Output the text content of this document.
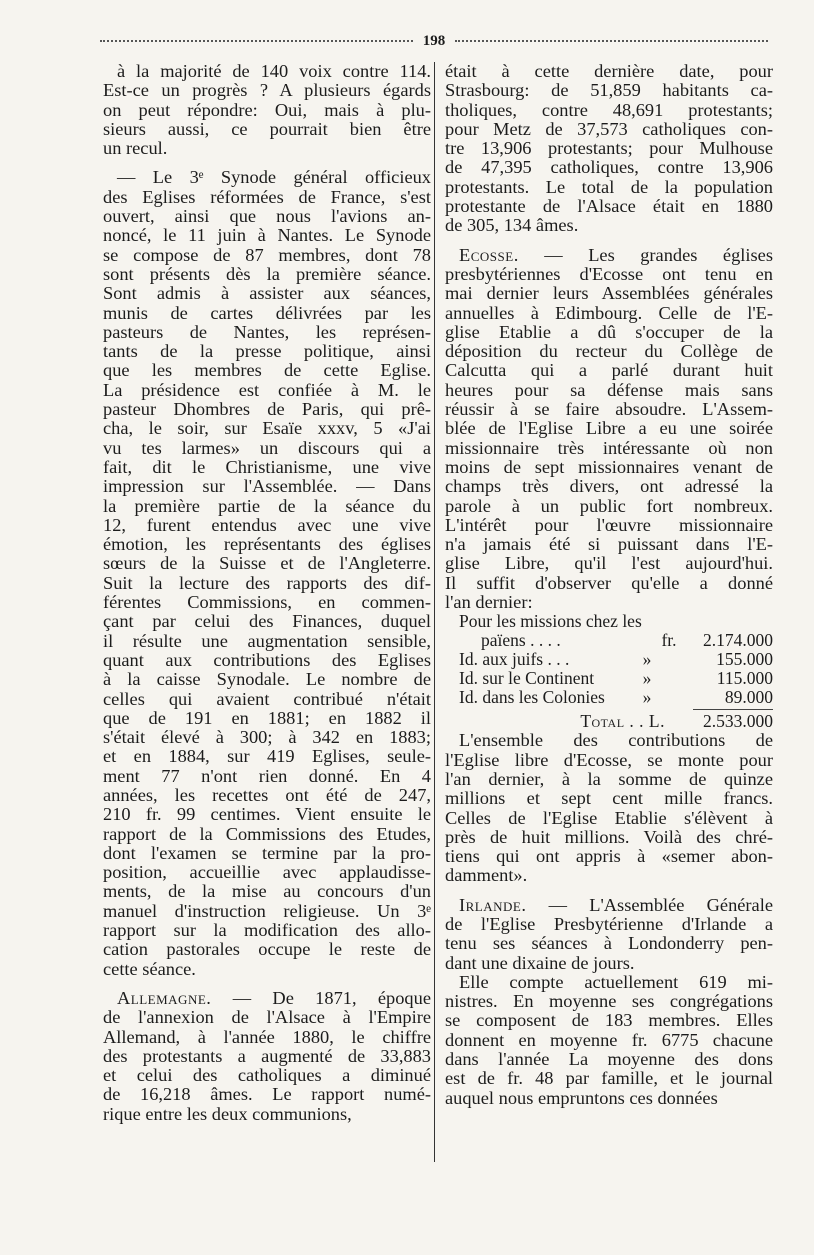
198
à la majorité de 140 voix contre 114.
Est-ce un progrès ? A plusieurs égards
on peut répondre: Oui, mais à plu-
sieurs aussi, ce pourrait bien être
un recul.
— Le 3ᵉ Synode général officieux
des Eglises réformées de France, s'est
ouvert, ainsi que nous l'avions an-
noncé, le 11 juin à Nantes. Le Synode
se compose de 87 membres, dont 78
sont présents dès la première séance.
Sont admis à assister aux séances,
munis de cartes délivrées par les
pasteurs de Nantes, les représen-
tants de la presse politique, ainsi
que les membres de cette Eglise.
La présidence est confiée à M. le
pasteur Dhombres de Paris, qui prê-
cha, le soir, sur Esaïe xxxv, 5 «J'ai
vu tes larmes» un discours qui a
fait, dit le Christianisme, une vive
impression sur l'Assemblée. — Dans
la première partie de la séance du
12, furent entendus avec une vive
émotion, les représentants des églises
sœurs de la Suisse et de l'Angleterre.
Suit la lecture des rapports des dif-
férentes Commissions, en commen-
çant par celui des Finances, duquel
il résulte une augmentation sensible,
quant aux contributions des Eglises
à la caisse Synodale. Le nombre de
celles qui avaient contribué n'était
que de 191 en 1881; en 1882 il
s'était élevé à 300; à 342 en 1883;
et en 1884, sur 419 Eglises, seule-
ment 77 n'ont rien donné. En 4
années, les recettes ont été de 247,
210 fr. 99 centimes. Vient ensuite le
rapport de la Commissions des Etudes,
dont l'examen se termine par la pro-
position, accueillie avec applaudisse-
ments, de la mise au concours d'un
manuel d'instruction religieuse. Un 3ᵉ
rapport sur la modification des allo-
cation pastorales occupe le reste de
cette séance.
Allemagne. — De 1871, époque
de l'annexion de l'Alsace à l'Empire
Allemand, à l'année 1880, le chiffre
des protestants a augmenté de 33,883
et celui des catholiques a diminué
de 16,218 âmes. Le rapport numé-
rique entre les deux communions,
était à cette dernière date, pour
Strasbourg: de 51,859 habitants ca-
tholiques, contre 48,691 protestants;
pour Metz de 37,573 catholiques con-
tre 13,906 protestants; pour Mulhouse
de 47,395 catholiques, contre 13,906
protestants. Le total de la population
protestante de l'Alsace était en 1880
de 305, 134 âmes.
Ecosse. — Les grandes églises
presbytériennes d'Ecosse ont tenu en
mai dernier leurs Assemblées générales
annuelles à Edimbourg. Celle de l'E-
glise Etablie a dû s'occuper de la
déposition du recteur du Collège de
Calcutta qui a parlé durant huit
heures pour sa défense mais sans
réussir à se faire absoudre. L'Assem-
blée de l'Eglise Libre a eu une soirée
missionnaire très intéressante où non
moins de sept missionnaires venant de
champs très divers, ont adressé la
parole à un public fort nombreux.
L'intérêt pour l'œuvre missionnaire
n'a jamais été si puissant dans l'E-
glise Libre, qu'il l'est aujourd'hui.
Il suffit d'observer qu'elle a donné
l'an dernier:
Pour les missions chez les
païens . . . .	fr.	2.174.000
Id. aux juifs . . .	»	155.000
Id. sur le Continent	»	115.000
Id. dans les Colonies	»	89.000
Total . . L.	2.533.000
L'ensemble des contributions de
l'Eglise libre d'Ecosse, se monte pour
l'an dernier, à la somme de quinze
millions et sept cent mille francs.
Celles de l'Eglise Etablie s'élèvent à
près de huit millions. Voilà des chré-
tiens qui ont appris à «semer abon-
damment».
Irlande. — L'Assemblée Générale
de l'Eglise Presbytérienne d'Irlande a
tenu ses séances à Londonderry pen-
dant une dixaine de jours.
Elle compte actuellement 619 mi-
nistres. En moyenne ses congrégations
se composent de 183 membres. Elles
donnent en moyenne fr. 6775 chacune
dans l'année La moyenne des dons
est de fr. 48 par famille, et le journal
auquel nous empruntons ces données
